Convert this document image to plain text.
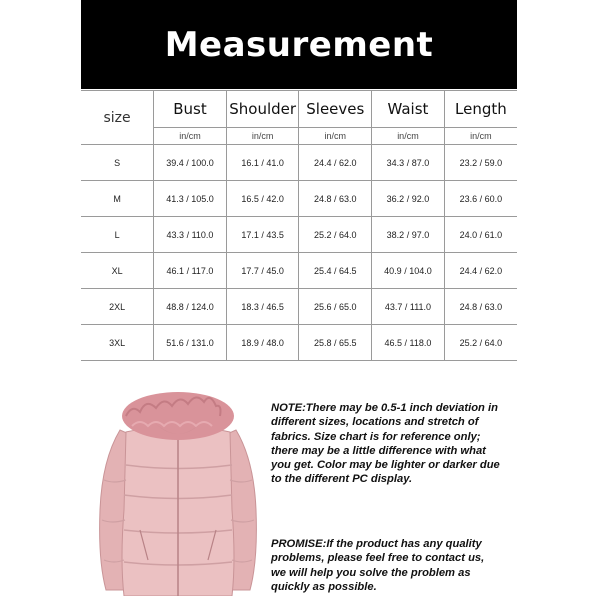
Measurement
size	Bust	Shoulder	Sleeves	Waist	Length
	in/cm	in/cm	in/cm	in/cm	in/cm
S	39.4 / 100.0	16.1 / 41.0	24.4 / 62.0	34.3 / 87.0	23.2 / 59.0
M	41.3 / 105.0	16.5 / 42.0	24.8 / 63.0	36.2 / 92.0	23.6 / 60.0
L	43.3 / 110.0	17.1 / 43.5	25.2 / 64.0	38.2 / 97.0	24.0 / 61.0
XL	46.1 / 117.0	17.7 / 45.0	25.4 / 64.5	40.9 / 104.0	24.4 / 62.0
2XL	48.8 / 124.0	18.3 / 46.5	25.6 / 65.0	43.7 / 111.0	24.8 / 63.0
3XL	51.6 / 131.0	18.9 / 48.0	25.8 / 65.5	46.5 / 118.0	25.2 / 64.0
NOTE:There may be 0.5-1 inch deviation in different sizes, locations and stretch of fabrics. Size chart is for reference only; there may be a little difference with what you get. Color may be lighter or darker due to the different PC display.
PROMISE:If the product has any quality problems, please feel free to contact us, we will help you solve the problem as quickly as possible.
